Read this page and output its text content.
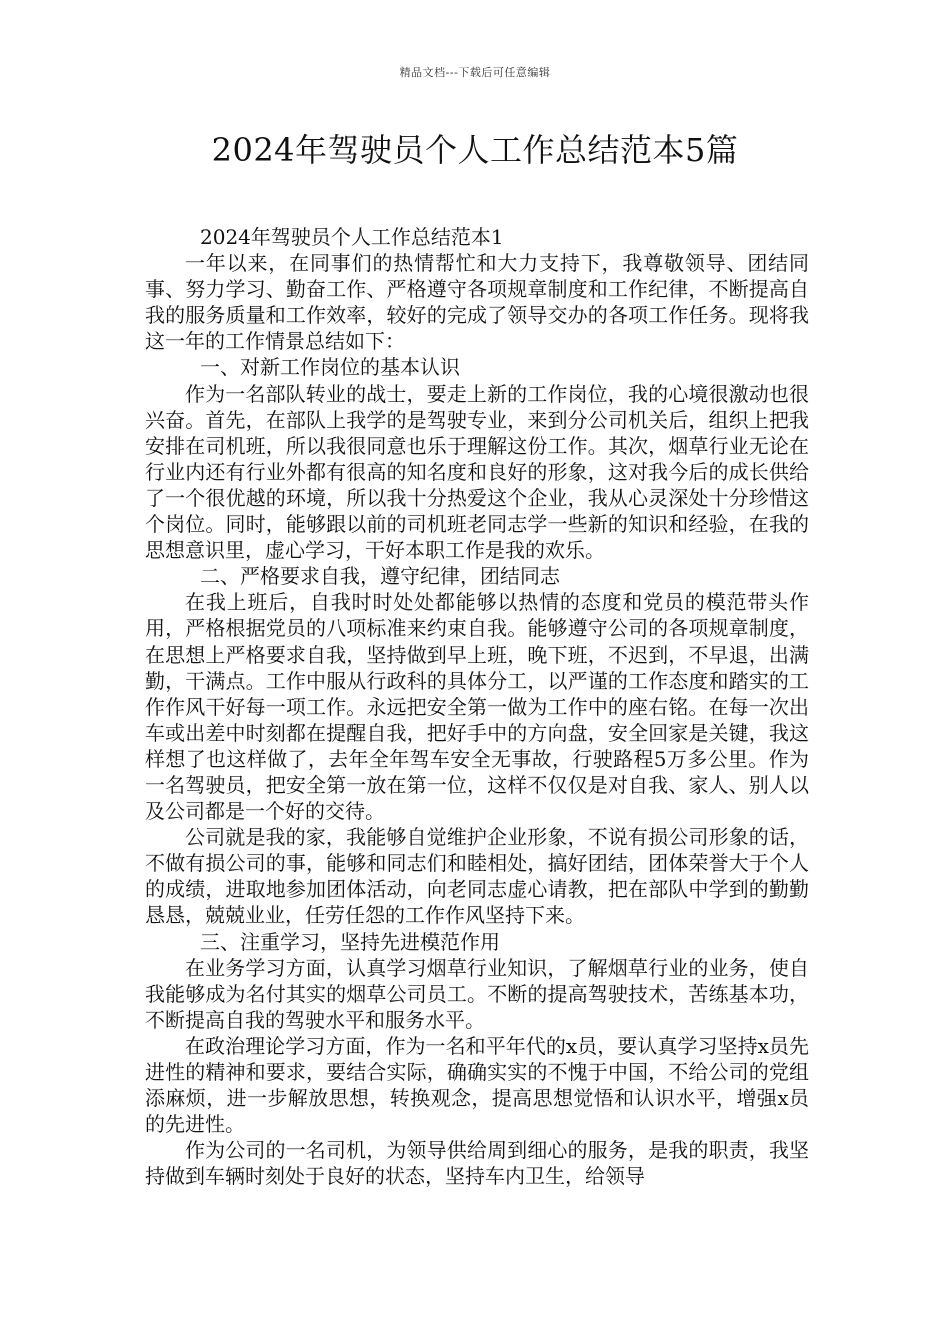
精品文档---下载后可任意编辑
2024年驾驶员个人工作总结范本5篇

2024年驾驶员个人工作总结范本1

一年以来，在同事们的热情帮忙和大力支持下，我尊敬领导、团结同事、努力学习、勤奋工作、严格遵守各项规章制度和工作纪律，不断提高自我的服务质量和工作效率，较好的完成了领导交办的各项工作任务。现将我这一年的工作情景总结如下：

一、对新工作岗位的基本认识

作为一名部队转业的战士，要走上新的工作岗位，我的心境很激动也很兴奋。首先，在部队上我学的是驾驶专业，来到分公司机关后，组织上把我安排在司机班，所以我很同意也乐于理解这份工作。其次，烟草行业无论在行业内还有行业外都有很高的知名度和良好的形象，这对我今后的成长供给了一个很优越的环境，所以我十分热爱这个企业，我从心灵深处十分珍惜这个岗位。同时，能够跟以前的司机班老同志学一些新的知识和经验，在我的思想意识里，虚心学习，干好本职工作是我的欢乐。

二、严格要求自我，遵守纪律，团结同志

在我上班后，自我时时处处都能够以热情的态度和党员的模范带头作用，严格根据党员的八项标准来约束自我。能够遵守公司的各项规章制度，在思想上严格要求自我，坚持做到早上班，晚下班，不迟到，不早退，出满勤，干满点。工作中服从行政科的具体分工，以严谨的工作态度和踏实的工作作风干好每一项工作。永远把安全第一做为工作中的座右铭。在每一次出车或出差中时刻都在提醒自我，把好手中的方向盘，安全回家是关键，我这样想了也这样做了，去年全年驾车安全无事故，行驶路程5万多公里。作为一名驾驶员，把安全第一放在第一位，这样不仅仅是对自我、家人、别人以及公司都是一个好的交待。

公司就是我的家，我能够自觉维护企业形象，不说有损公司形象的话，不做有损公司的事，能够和同志们和睦相处，搞好团结，团体荣誉大于个人的成绩，进取地参加团体活动，向老同志虚心请教，把在部队中学到的勤勤恳恳，兢兢业业，任劳任怨的工作作风坚持下来。

三、注重学习，坚持先进模范作用

在业务学习方面，认真学习烟草行业知识，了解烟草行业的业务，使自我能够成为名付其实的烟草公司员工。不断的提高驾驶技术，苦练基本功，不断提高自我的驾驶水平和服务水平。

在政治理论学习方面，作为一名和平年代的x员，要认真学习坚持x员先进性的精神和要求，要结合实际，确确实实的不愧于中国，不给公司的党组添麻烦，进一步解放思想，转换观念，提高思想觉悟和认识水平，增强x员的先进性。

作为公司的一名司机，为领导供给周到细心的服务，是我的职责，我坚持做到车辆时刻处于良好的状态，坚持车内卫生，给领导
